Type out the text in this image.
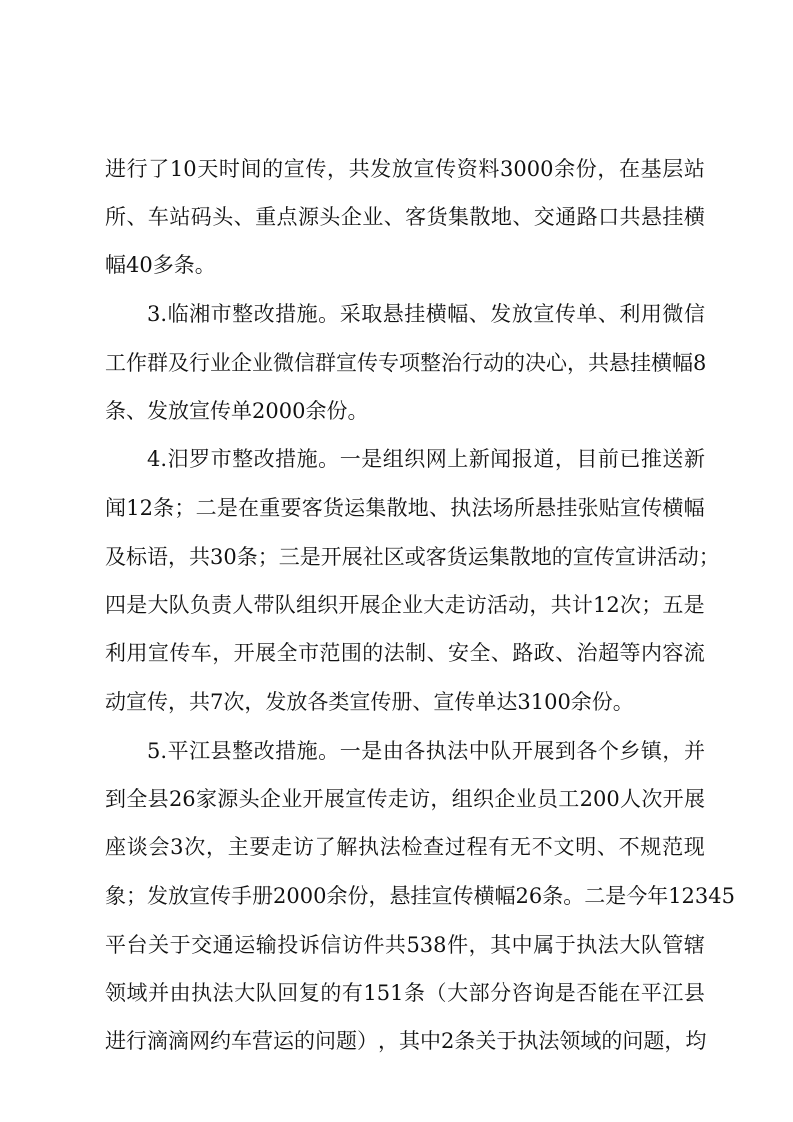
进 行 了 10 天 时 间 的 宣 传 ， 共 发 放 宣 传 资 料 3000 余 份 ， 在 基 层 站
所 、 车 站 码 头 、 重 点 源 头 企 业 、 客 货 集 散 地 、 交 通 路 口 共 悬 挂 横
幅40多条。
3. 临 湘 市 整 改 措 施 。 采 取 悬 挂 横 幅 、 发 放 宣 传 单 、 利 用 微 信
工 作 群 及 行 业 企 业 微 信 群 宣 传 专 项 整 治 行 动 的 决 心 ， 共 悬 挂 横 幅 8
条、发放宣传单2000余份。
4. 汨 罗 市 整 改 措 施 。 一 是 组 织 网 上 新 闻 报 道 ， 目 前 已 推 送 新
闻 12 条 ； 二 是 在 重 要 客 货 运 集 散 地 、 执 法 场 所 悬 挂 张 贴 宣 传 横 幅
及 标 语 ， 共 30 条 ； 三 是 开 展 社 区 或 客 货 运 集 散 地 的 宣 传 宣 讲 活 动 ；
四 是 大 队 负 责 人 带 队 组 织 开 展 企 业 大 走 访 活 动 ， 共 计 12 次 ； 五 是
利 用 宣 传 车 ， 开 展 全 市 范 围 的 法 制 、 安 全 、 路 政 、 治 超 等 内 容 流
动宣传，共7次，发放各类宣传册、宣传单达3100余份。
5. 平 江 县 整 改 措 施 。 一 是 由 各 执 法 中 队 开 展 到 各 个 乡 镇 ， 并
到 全 县 26 家 源 头 企 业 开 展 宣 传 走 访 ， 组 织 企 业 员 工 200 人 次 开 展
座 谈 会 3 次 ， 主 要 走 访 了 解 执 法 检 查 过 程 有 无 不 文 明 、 不 规 范 现
象 ； 发 放 宣 传 手 册 2000 余 份 ， 悬 挂 宣 传 横 幅 26 条 。 二 是 今 年 12345
平 台 关 于 交 通 运 输 投 诉 信 访 件 共 538 件 ， 其 中 属 于 执 法 大 队 管 辖
领 域 并 由 执 法 大 队 回 复 的 有 151 条 （ 大 部 分 咨 询 是 否 能 在 平 江 县
进 行 滴 滴 网 约 车 营 运 的 问 题 ） ， 其 中 2 条 关 于 执 法 领 域 的 问 题 ， 均
